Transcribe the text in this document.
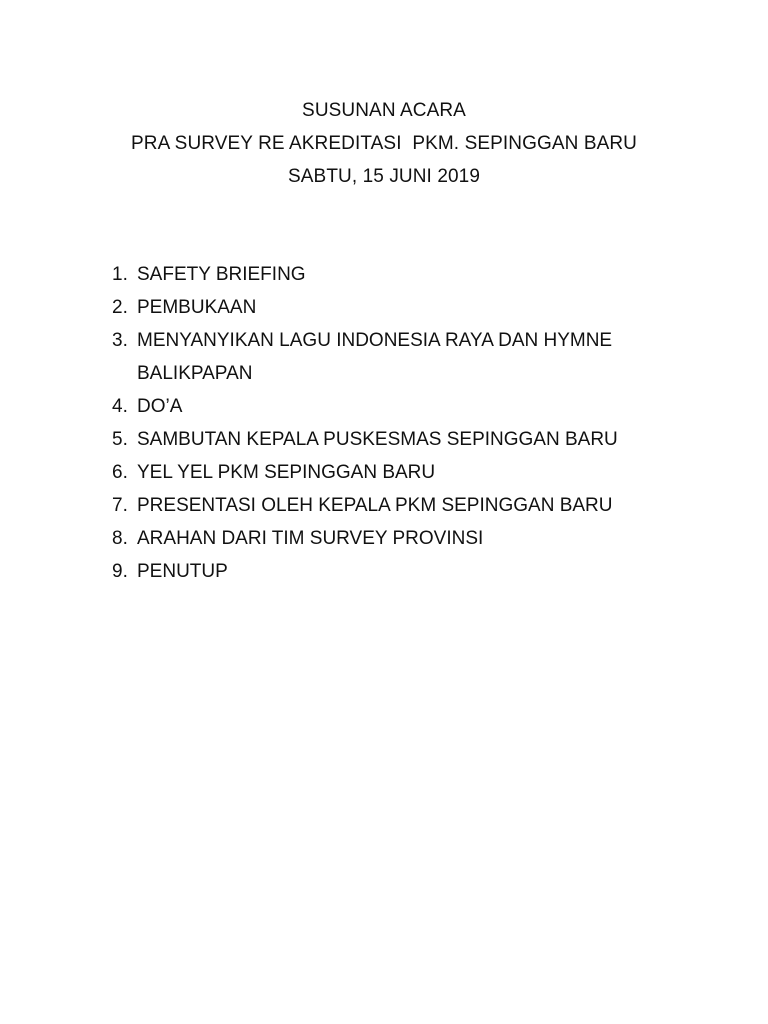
SUSUNAN ACARA
PRA SURVEY RE AKREDITASI  PKM. SEPINGGAN BARU
SABTU, 15 JUNI 2019
1. SAFETY BRIEFING
2. PEMBUKAAN
3. MENYANYIKAN LAGU INDONESIA RAYA DAN HYMNE BALIKPAPAN
4. DO’A
5. SAMBUTAN KEPALA PUSKESMAS SEPINGGAN BARU
6. YEL YEL PKM SEPINGGAN BARU
7. PRESENTASI OLEH KEPALA PKM SEPINGGAN BARU
8. ARAHAN DARI TIM SURVEY PROVINSI
9. PENUTUP
